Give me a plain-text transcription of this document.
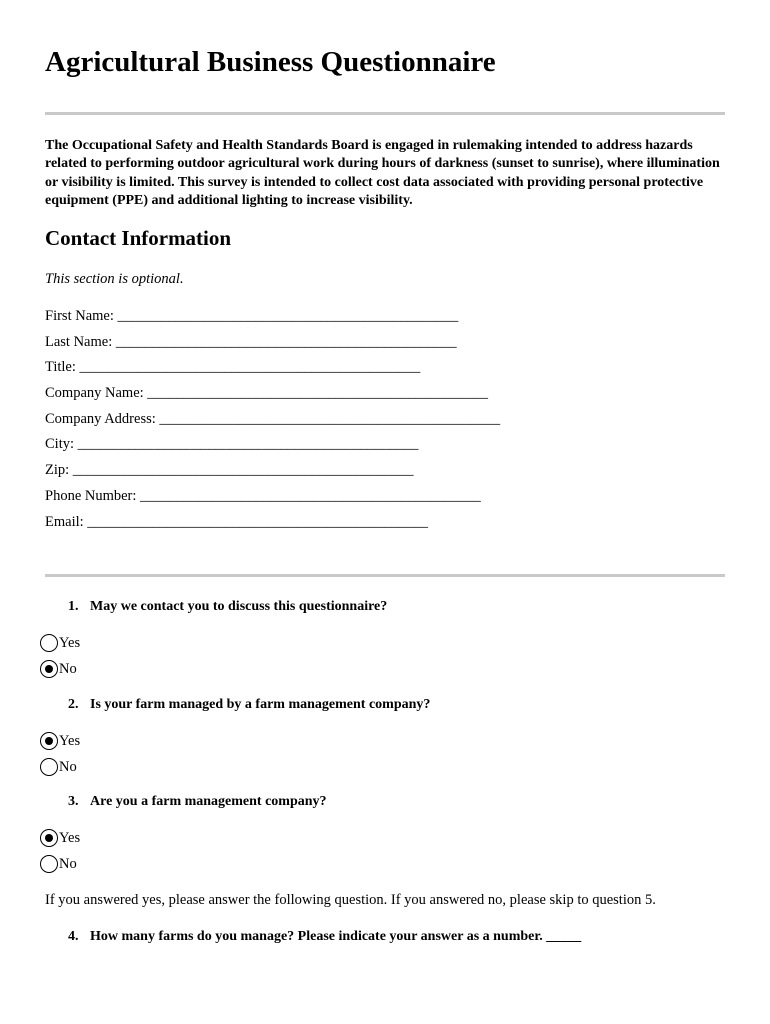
Agricultural Business Questionnaire

The Occupational Safety and Health Standards Board is engaged in rulemaking intended to address hazards related to performing outdoor agricultural work during hours of darkness (sunset to sunrise), where illumination or visibility is limited. This survey is intended to collect cost data associated with providing personal protective equipment (PPE) and additional lighting to increase visibility.

Contact Information

This section is optional.

First Name: _______________________________________________
Last Name: _______________________________________________
Title: _______________________________________________
Company Name: _______________________________________________
Company Address: _______________________________________________
City: _______________________________________________
Zip: _______________________________________________
Phone Number: _______________________________________________
Email: _______________________________________________

1. May we contact you to discuss this questionnaire?

Yes
No

2. Is your farm managed by a farm management company?

Yes
No

3. Are you a farm management company?

Yes
No

If you answered yes, please answer the following question. If you answered no, please skip to question 5.

4. How many farms do you manage? Please indicate your answer as a number. _____
